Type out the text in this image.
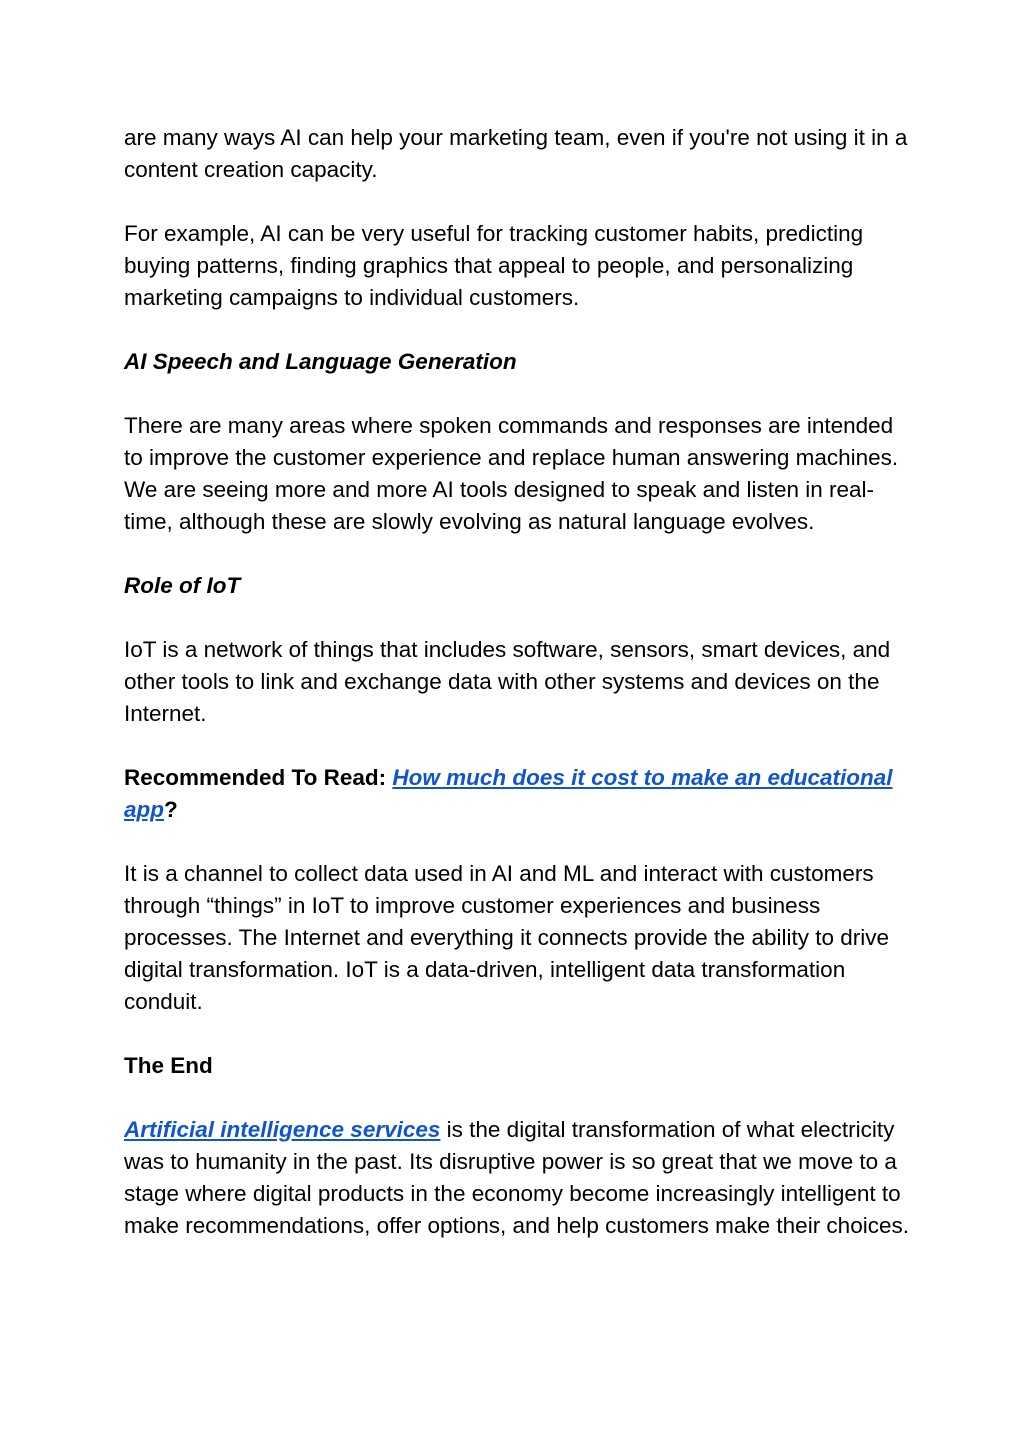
are many ways AI can help your marketing team, even if you're not using it in a content creation capacity.

For example, AI can be very useful for tracking customer habits, predicting buying patterns, finding graphics that appeal to people, and personalizing marketing campaigns to individual customers.

AI Speech and Language Generation

There are many areas where spoken commands and responses are intended to improve the customer experience and replace human answering machines. We are seeing more and more AI tools designed to speak and listen in real-time, although these are slowly evolving as natural language evolves.

Role of IoT

IoT is a network of things that includes software, sensors, smart devices, and other tools to link and exchange data with other systems and devices on the Internet.

Recommended To Read: How much does it cost to make an educational app?

It is a channel to collect data used in AI and ML and interact with customers through “things” in IoT to improve customer experiences and business processes. The Internet and everything it connects provide the ability to drive digital transformation. IoT is a data-driven, intelligent data transformation conduit.

The End

Artificial intelligence services is the digital transformation of what electricity was to humanity in the past. Its disruptive power is so great that we move to a stage where digital products in the economy become increasingly intelligent to make recommendations, offer options, and help customers make their choices.
